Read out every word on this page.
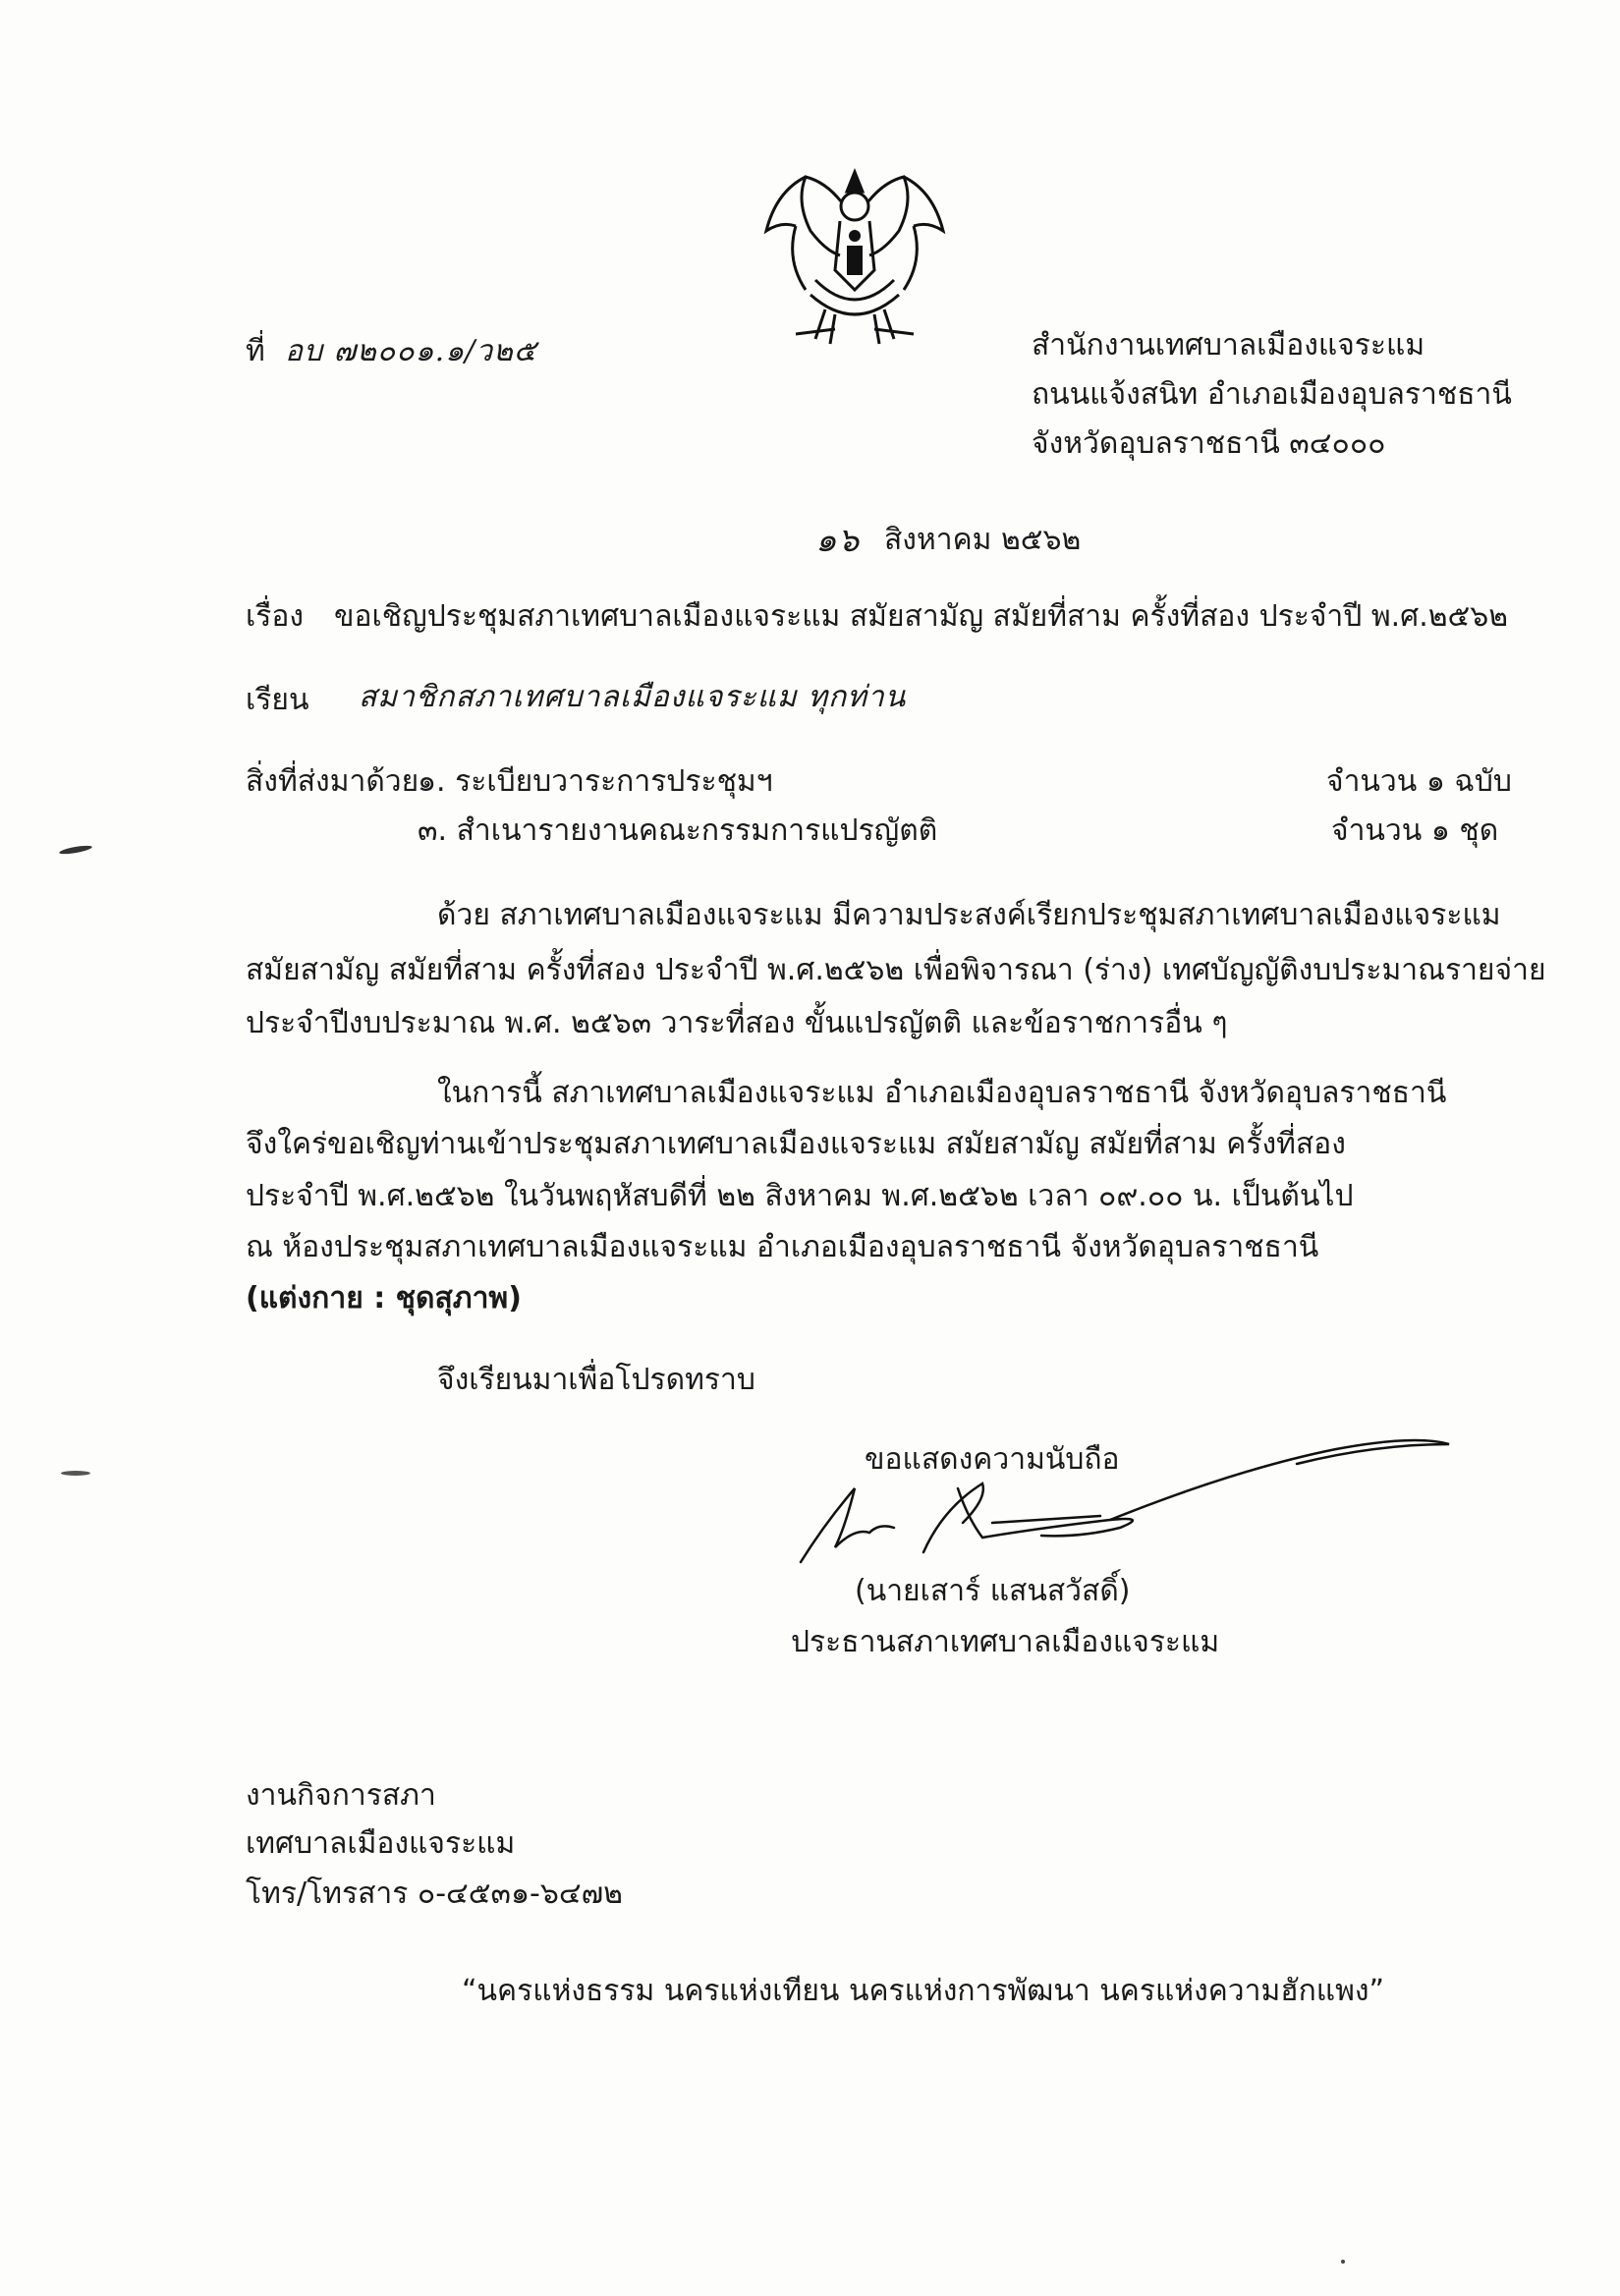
ที่ อบ ๗๒๐๐๑.๑/ว๒๕	สำนักงานเทศบาลเมืองแจระแม
ถนนแจ้งสนิท อำเภอเมืองอุบลราชธานี
จังหวัดอุบลราชธานี ๓๔๐๐๐
๑๖ สิงหาคม ๒๕๖๒
เรื่อง ขอเชิญประชุมสภาเทศบาลเมืองแจระแม สมัยสามัญ สมัยที่สาม ครั้งที่สอง ประจำปี พ.ศ.๒๕๖๒
เรียน สมาชิกสภาเทศบาลเมืองแจระแม ทุกท่าน
สิ่งที่ส่งมาด้วย
๑. ระเบียบวาระการประชุมฯ	จำนวน ๑ ฉบับ
๓. สำเนารายงานคณะกรรมการแปรญัตติ	จำนวน ๑ ชุด
ด้วย สภาเทศบาลเมืองแจระแม มีความประสงค์เรียกประชุมสภาเทศบาลเมืองแจระแม
สมัยสามัญ สมัยที่สาม ครั้งที่สอง ประจำปี พ.ศ.๒๕๖๒ เพื่อพิจารณา (ร่าง) เทศบัญญัติงบประมาณรายจ่าย
ประจำปีงบประมาณ พ.ศ. ๒๕๖๓ วาระที่สอง ขั้นแปรญัตติ และข้อราชการอื่น ๆ
ในการนี้ สภาเทศบาลเมืองแจระแม อำเภอเมืองอุบลราชธานี จังหวัดอุบลราชธานี
จึงใคร่ขอเชิญท่านเข้าประชุมสภาเทศบาลเมืองแจระแม สมัยสามัญ สมัยที่สาม ครั้งที่สอง
ประจำปี พ.ศ.๒๕๖๒ ในวันพฤหัสบดีที่ ๒๒ สิงหาคม พ.ศ.๒๕๖๒ เวลา ๐๙.๐๐ น. เป็นต้นไป
ณ ห้องประชุมสภาเทศบาลเมืองแจระแม อำเภอเมืองอุบลราชธานี จังหวัดอุบลราชธานี
(แต่งกาย : ชุดสุภาพ)
จึงเรียนมาเพื่อโปรดทราบ
ขอแสดงความนับถือ
(นายเสาร์ แสนสวัสดิ์)
ประธานสภาเทศบาลเมืองแจระแม
งานกิจการสภา
เทศบาลเมืองแจระแม
โทร/โทรสาร ๐-๔๕๓๑-๖๔๗๒
“นครแห่งธรรม นครแห่งเทียน นครแห่งการพัฒนา นครแห่งความฮักแพง”
